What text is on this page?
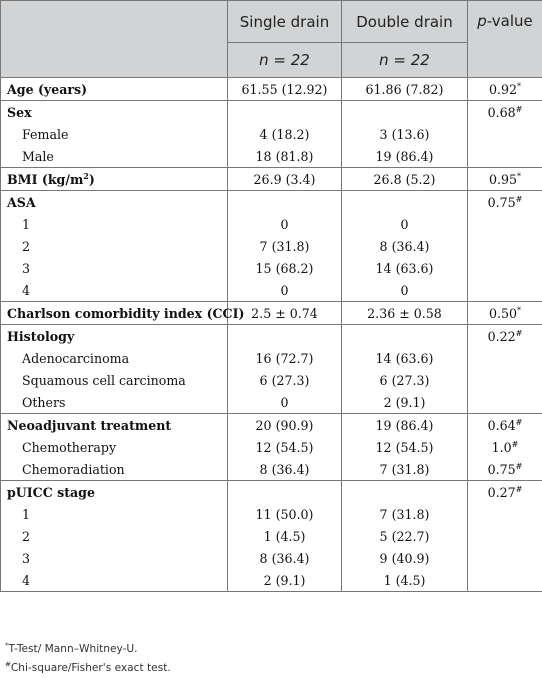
	Single drain	Double drain	p-value
	n = 22	n = 22	
Age (years)	61.55 (12.92)	61.86 (7.82)	0.92*
Sex			0.68#
Female	4 (18.2)	3 (13.6)	
Male	18 (81.8)	19 (86.4)	
BMI $(kg/m^2)$	26.9 (3.4)	26.8 (5.2)	0.95*
ASA			0.75#
1	0	0	
2	7 (31.8)	8 (36.4)	
3	15 (68.2)	14 (63.6)	
4	0	0	
Charlson comorbidity index (CCI)	2.5 ± 0.74	2.36 ± 0.58	0.50*
Histology			0.22#
Adenocarcinoma	16 (72.7)	14 (63.6)	
Squamous cell carcinoma	6 (27.3)	6 (27.3)	
Others	0	2 (9.1)	
Neoadjuvant treatment	20 (90.9)	19 (86.4)	0.64#
Chemotherapy	12 (54.5)	12 (54.5)	1.0#
Chemoradiation	8 (36.4)	7 (31.8)	0.75#
pUICC stage			0.27#
1	11 (50.0)	7 (31.8)	
2	1 (4.5)	5 (22.7)	
3	8 (36.4)	9 (40.9)	
4	2 (9.1)	1 (4.5)	
*T-Test/ Mann–Whitney-U.
#Chi-square/Fisher's exact test.
